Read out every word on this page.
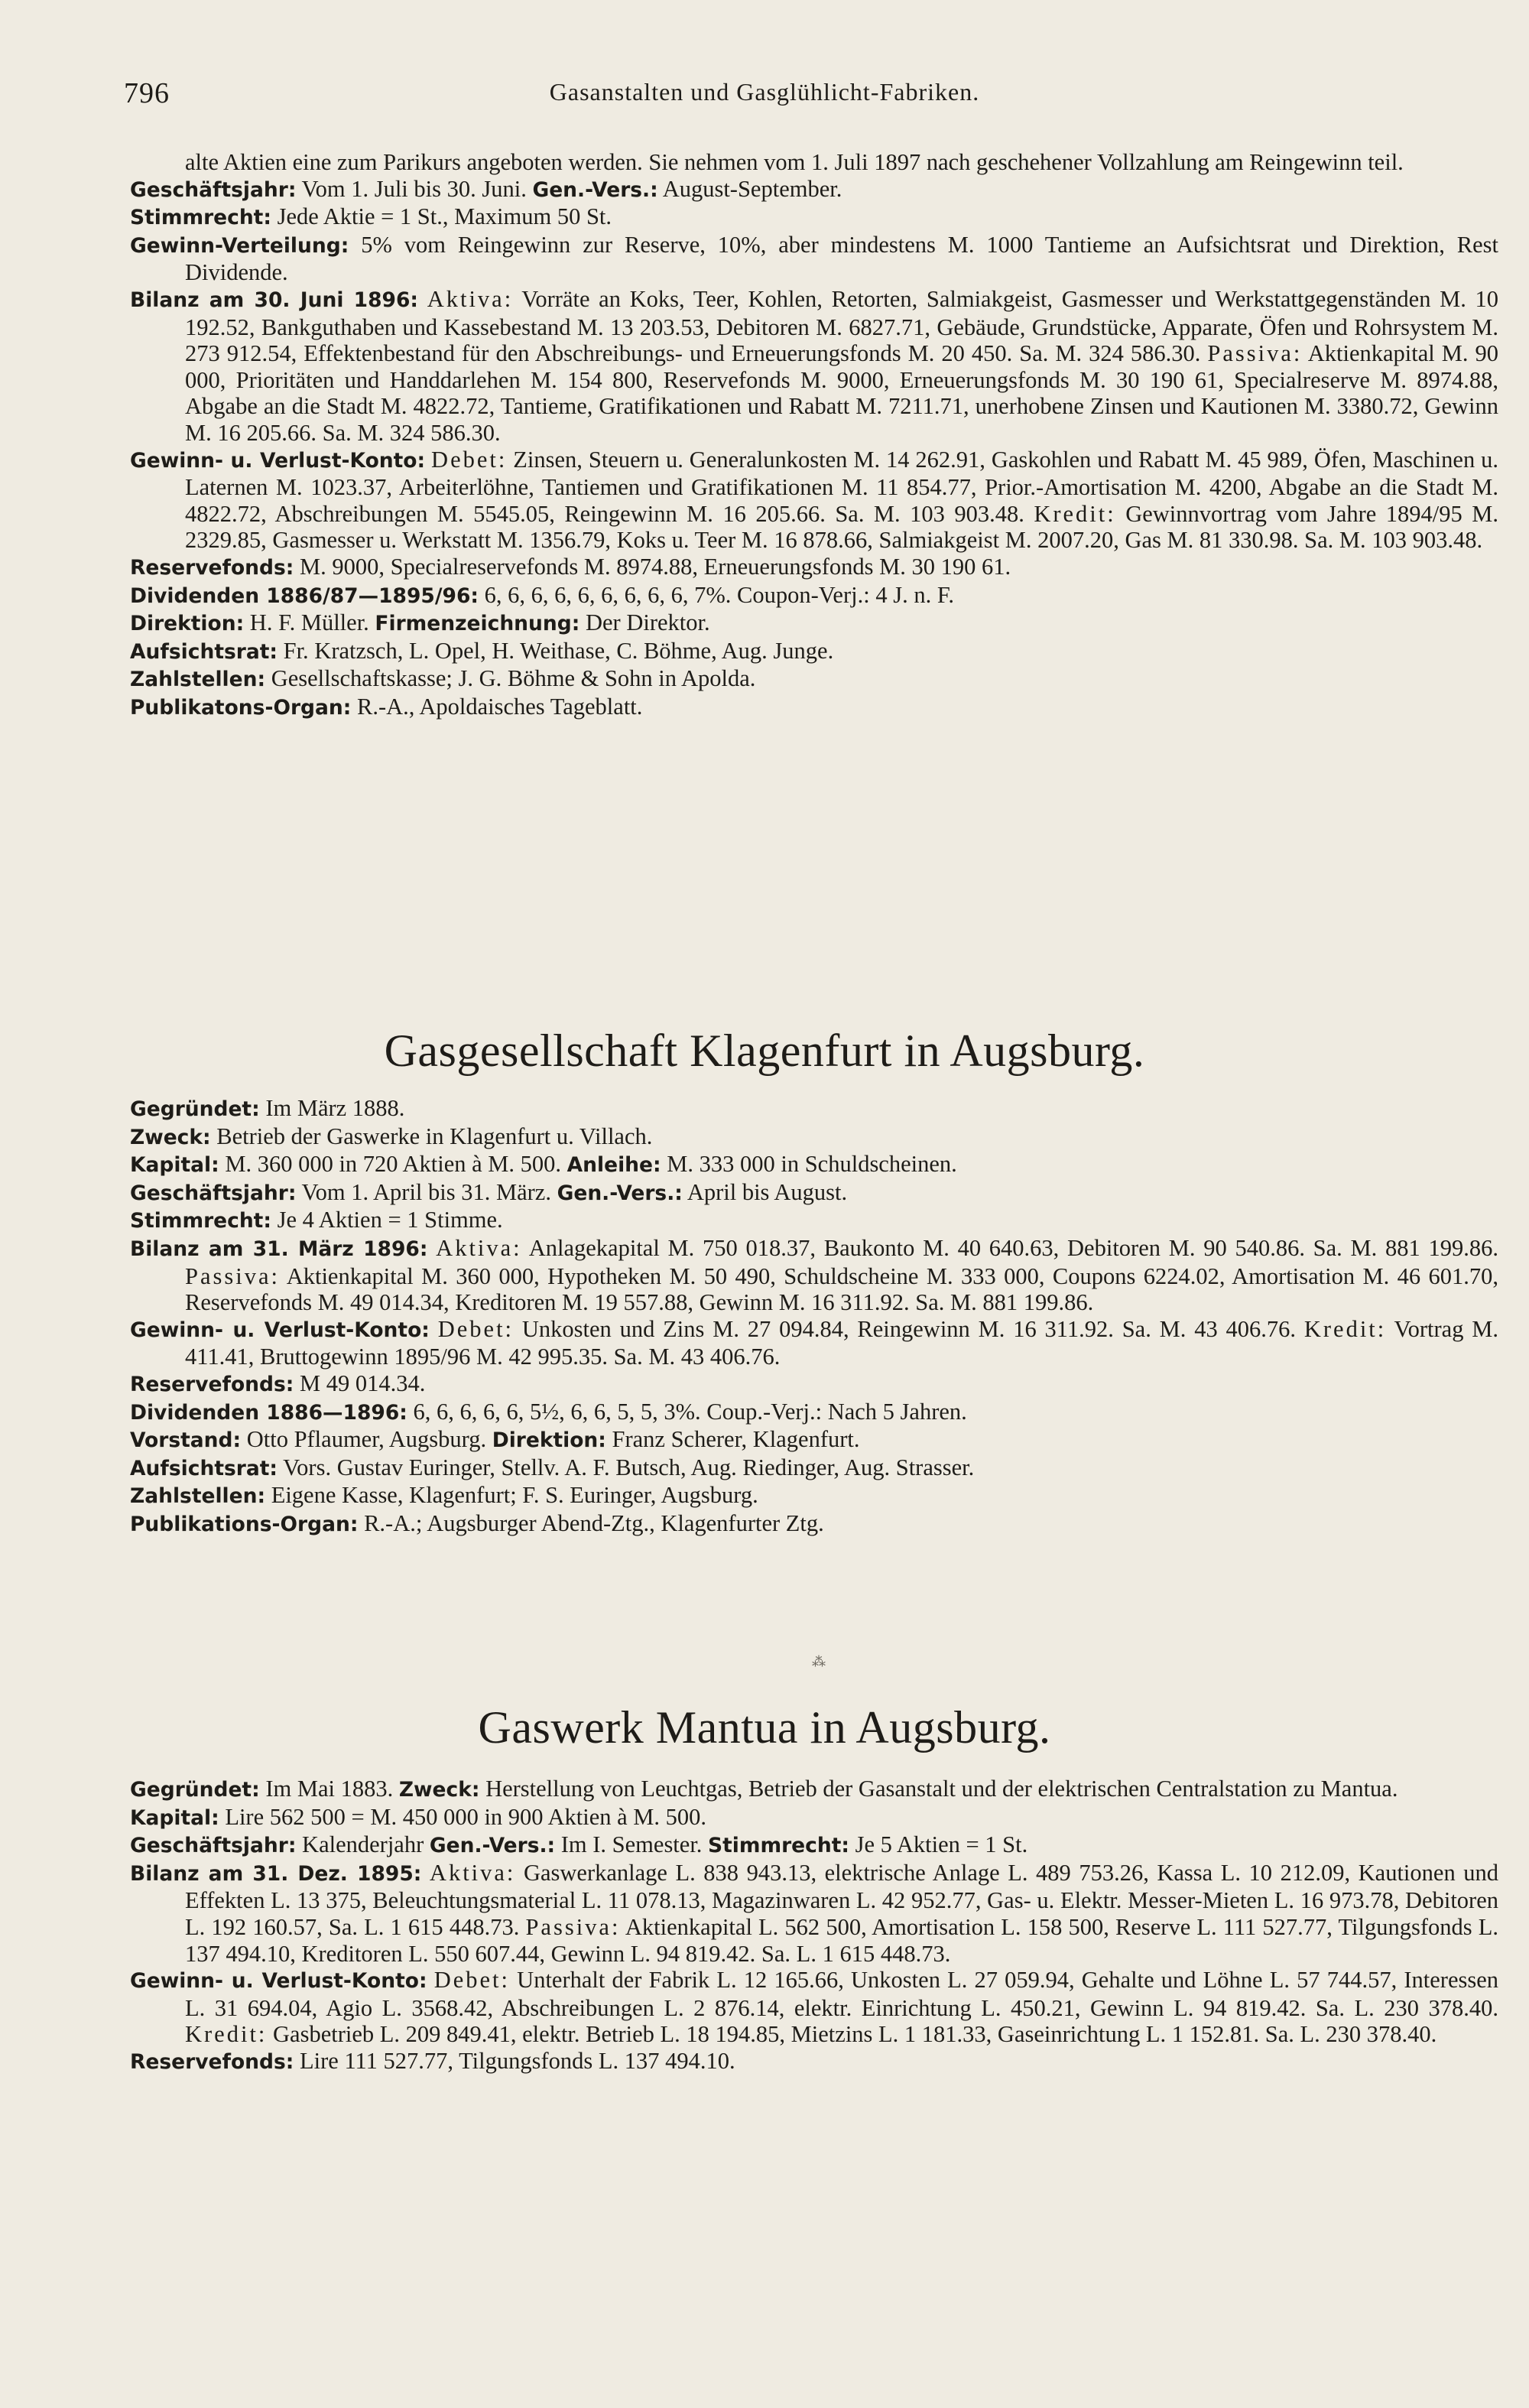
796	Gasanstalten und Gasglühlicht-Fabriken.

alte Aktien eine zum Parikurs angeboten werden. Sie nehmen vom 1. Juli 1897 nach geschehener Vollzahlung am Reingewinn teil.

Geschäftsjahr: Vom 1. Juli bis 30. Juni. Gen.-Vers.: August-September.

Stimmrecht: Jede Aktie = 1 St., Maximum 50 St.

Gewinn-Verteilung: 5% vom Reingewinn zur Reserve, 10%, aber mindestens M. 1000 Tantieme an Aufsichtsrat und Direktion, Rest Dividende.

Bilanz am 30. Juni 1896: Aktiva: Vorräte an Koks, Teer, Kohlen, Retorten, Salmiakgeist, Gasmesser und Werkstattgegenständen M. 10 192.52, Bankguthaben und Kassebestand M. 13 203.53, Debitoren M. 6827.71, Gebäude, Grundstücke, Apparate, Öfen und Rohrsystem M. 273 912.54, Effektenbestand für den Abschreibungs- und Erneuerungsfonds M. 20 450. Sa. M. 324 586.30. Passiva: Aktienkapital M. 90 000, Prioritäten und Handdarlehen M. 154 800, Reservefonds M. 9000, Erneuerungsfonds M. 30 190 61, Specialreserve M. 8974.88, Abgabe an die Stadt M. 4822.72, Tantieme, Gratifikationen und Rabatt M. 7211.71, unerhobene Zinsen und Kautionen M. 3380.72, Gewinn M. 16 205.66. Sa. M. 324 586.30.

Gewinn- u. Verlust-Konto: Debet: Zinsen, Steuern u. Generalunkosten M. 14 262.91, Gaskohlen und Rabatt M. 45 989, Öfen, Maschinen u. Laternen M. 1023.37, Arbeiterlöhne, Tantiemen und Gratifikationen M. 11 854.77, Prior.-Amortisation M. 4200, Abgabe an die Stadt M. 4822.72, Abschreibungen M. 5545.05, Reingewinn M. 16 205.66. Sa. M. 103 903.48. Kredit: Gewinnvortrag vom Jahre 1894/95 M. 2329.85, Gasmesser u. Werkstatt M. 1356.79, Koks u. Teer M. 16 878.66, Salmiakgeist M. 2007.20, Gas M. 81 330.98. Sa. M. 103 903.48.

Reservefonds: M. 9000, Specialreservefonds M. 8974.88, Erneuerungsfonds M. 30 190 61.

Dividenden 1886/87—1895/96: 6, 6, 6, 6, 6, 6, 6, 6, 6, 7%. Coupon-Verj.: 4 J. n. F.

Direktion: H. F. Müller. Firmenzeichnung: Der Direktor.

Aufsichtsrat: Fr. Kratzsch, L. Opel, H. Weithase, C. Böhme, Aug. Junge.

Zahlstellen: Gesellschaftskasse; J. G. Böhme & Sohn in Apolda.

Publikatons-Organ: R.-A., Apoldaisches Tageblatt.

Gasgesellschaft Klagenfurt in Augsburg.

Gegründet: Im März 1888.

Zweck: Betrieb der Gaswerke in Klagenfurt u. Villach.

Kapital: M. 360 000 in 720 Aktien à M. 500. Anleihe: M. 333 000 in Schuldscheinen.

Geschäftsjahr: Vom 1. April bis 31. März. Gen.-Vers.: April bis August.

Stimmrecht: Je 4 Aktien = 1 Stimme.

Bilanz am 31. März 1896: Aktiva: Anlagekapital M. 750 018.37, Baukonto M. 40 640.63, Debitoren M. 90 540.86. Sa. M. 881 199.86. Passiva: Aktienkapital M. 360 000, Hypotheken M. 50 490, Schuldscheine M. 333 000, Coupons 6224.02, Amortisation M. 46 601.70, Reservefonds M. 49 014.34, Kreditoren M. 19 557.88, Gewinn M. 16 311.92. Sa. M. 881 199.86.

Gewinn- u. Verlust-Konto: Debet: Unkosten und Zins M. 27 094.84, Reingewinn M. 16 311.92. Sa. M. 43 406.76. Kredit: Vortrag M. 411.41, Bruttogewinn 1895/96 M. 42 995.35. Sa. M. 43 406.76.

Reservefonds: M 49 014.34.

Dividenden 1886—1896: 6, 6, 6, 6, 6, 5½, 6, 6, 5, 5, 3%. Coup.-Verj.: Nach 5 Jahren.

Vorstand: Otto Pflaumer, Augsburg. Direktion: Franz Scherer, Klagenfurt.

Aufsichtsrat: Vors. Gustav Euringer, Stellv. A. F. Butsch, Aug. Riedinger, Aug. Strasser.

Zahlstellen: Eigene Kasse, Klagenfurt; F. S. Euringer, Augsburg.

Publikations-Organ: R.-A.; Augsburger Abend-Ztg., Klagenfurter Ztg.

⁂
Gaswerk Mantua in Augsburg.

Gegründet: Im Mai 1883. Zweck: Herstellung von Leuchtgas, Betrieb der Gasanstalt und der elektrischen Centralstation zu Mantua.

Kapital: Lire 562 500 = M. 450 000 in 900 Aktien à M. 500.

Geschäftsjahr: Kalenderjahr Gen.-Vers.: Im I. Semester. Stimmrecht: Je 5 Aktien = 1 St.

Bilanz am 31. Dez. 1895: Aktiva: Gaswerkanlage L. 838 943.13, elektrische Anlage L. 489 753.26, Kassa L. 10 212.09, Kautionen und Effekten L. 13 375, Beleuchtungsmaterial L. 11 078.13, Magazinwaren L. 42 952.77, Gas- u. Elektr. Messer-Mieten L. 16 973.78, Debitoren L. 192 160.57, Sa. L. 1 615 448.73. Passiva: Aktienkapital L. 562 500, Amortisation L. 158 500, Reserve L. 111 527.77, Tilgungsfonds L. 137 494.10, Kreditoren L. 550 607.44, Gewinn L. 94 819.42. Sa. L. 1 615 448.73.

Gewinn- u. Verlust-Konto: Debet: Unterhalt der Fabrik L. 12 165.66, Unkosten L. 27 059.94, Gehalte und Löhne L. 57 744.57, Interessen L. 31 694.04, Agio L. 3568.42, Abschreibungen L. 2 876.14, elektr. Einrichtung L. 450.21, Gewinn L. 94 819.42. Sa. L. 230 378.40. Kredit: Gasbetrieb L. 209 849.41, elektr. Betrieb L. 18 194.85, Mietzins L. 1 181.33, Gaseinrichtung L. 1 152.81. Sa. L. 230 378.40.

Reservefonds: Lire 111 527.77, Tilgungsfonds L. 137 494.10.
